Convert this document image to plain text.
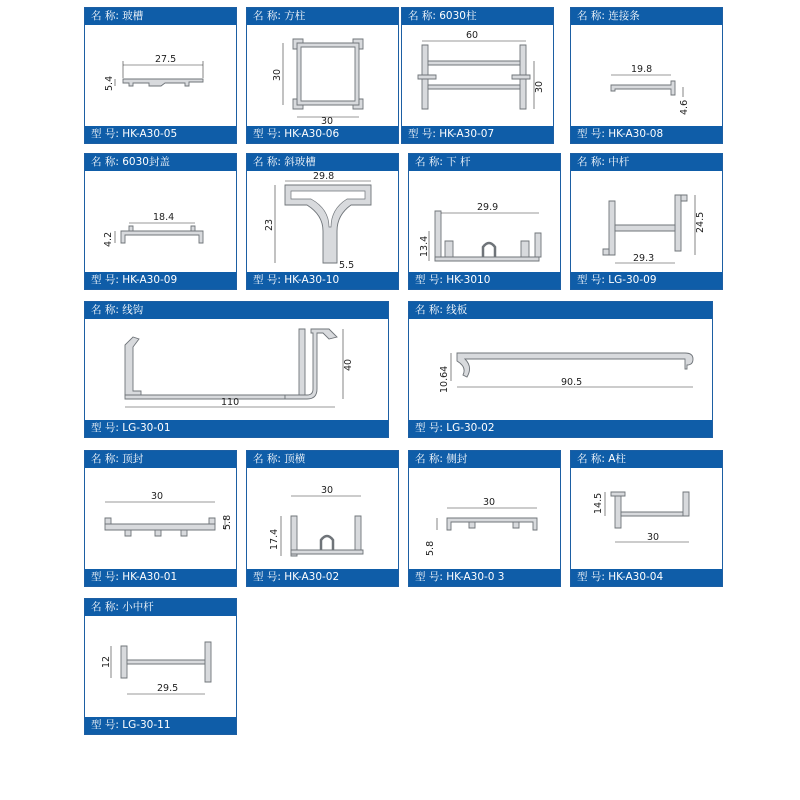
名 称: 玻槽
27.5
5.4
型 号: HK-A30-05
名 称: 方柱
30
30
型 号: HK-A30-06
名 称: 6030柱
60
30
型 号: HK-A30-07
名 称: 连接条
19.8
4.6
型 号: HK-A30-08
名 称: 6030封盖
18.4
4.2
型 号: HK-A30-09
名 称: 斜玻槽
29.8
23
5.5
型 号: HK-A30-10
名 称: 下 杆
29.9
13.4
型 号: HK-3010
名 称: 中杆
24.5
29.3
型 号: LG-30-09
名 称: 线钩
110
40
型 号: LG-30-01
名 称: 线板
10.64	90.5
型 号: LG-30-02
名 称: 顶封
30
5.8
型 号: HK-A30-01
名 称: 顶横
30
17.4
型 号: HK-A30-02
名 称: 侧封
30
5.8
型 号: HK-A30-0 3
名 称: A柱
14.5
30
型 号: HK-A30-04
名 称: 小中杆
12
29.5
型 号: LG-30-11
